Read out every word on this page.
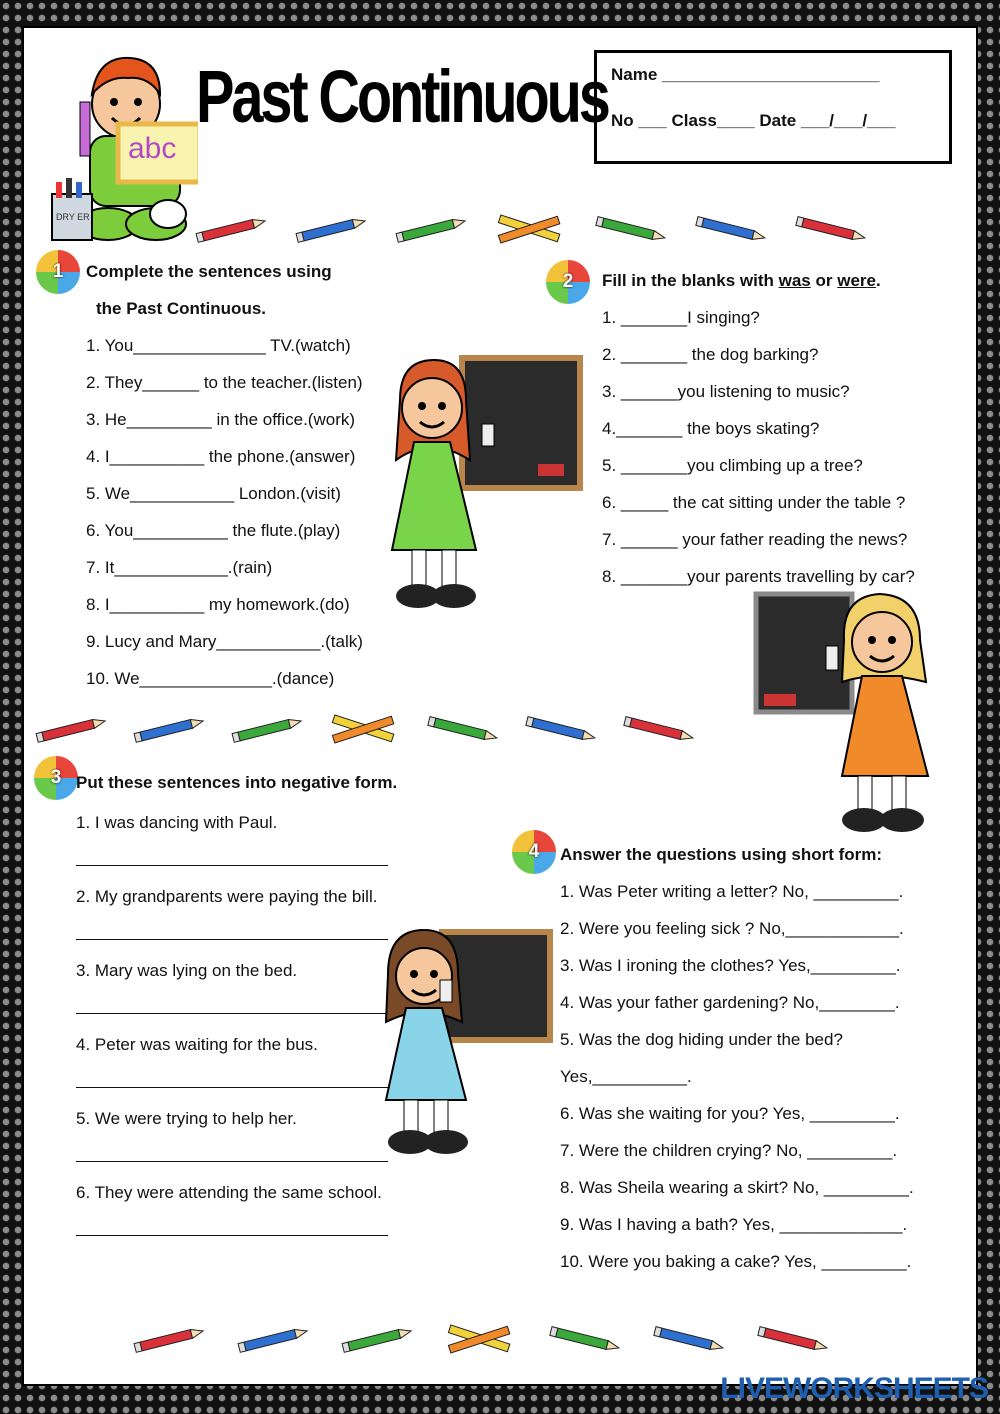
Past Continuous Name _______________________
No ___ Class____ Date ___/___/___
abc
DRY ER
1	2
3
4
Complete the sentences using
the Past Continuous.
1. You______________ TV.(watch)
2. They______ to the teacher.(listen)
3. He_________ in the office.(work)
4. I__________ the phone.(answer)
5. We___________ London.(visit)
6. You__________ the flute.(play)
7. It____________.(rain)
8. I__________ my homework.(do)
9. Lucy and Mary___________.(talk)
10. We______________.(dance)
Fill in the blanks with was or were.
1. _______I singing?
2. _______ the dog barking?
3. ______you listening to music?
4._______ the boys skating?
5. _______you climbing up a tree?
6. _____ the cat sitting under the table ?
7. ______ your father reading the news?
8. _______your parents travelling by car?
Put these sentences into negative form.
1. I was dancing with Paul.
2. My grandparents were paying the bill.
3. Mary was lying on the bed.
4. Peter was waiting for the bus.
5. We were trying to help her.
6. They were attending the same school.
Answer the questions using short form:
1. Was Peter writing a letter? No, _________.
2. Were you feeling sick ? No,____________.
3. Was I ironing the clothes? Yes,_________.
4. Was your father gardening? No,________.
5. Was the dog hiding under the bed?
Yes,__________.
6. Was she waiting for you? Yes, _________.
7. Were the children crying? No, _________.
8. Was Sheila wearing a skirt? No, _________.
9. Was I having a bath? Yes, _____________.
10. Were you baking a cake? Yes, _________.
LIVEWORKSHEETS
